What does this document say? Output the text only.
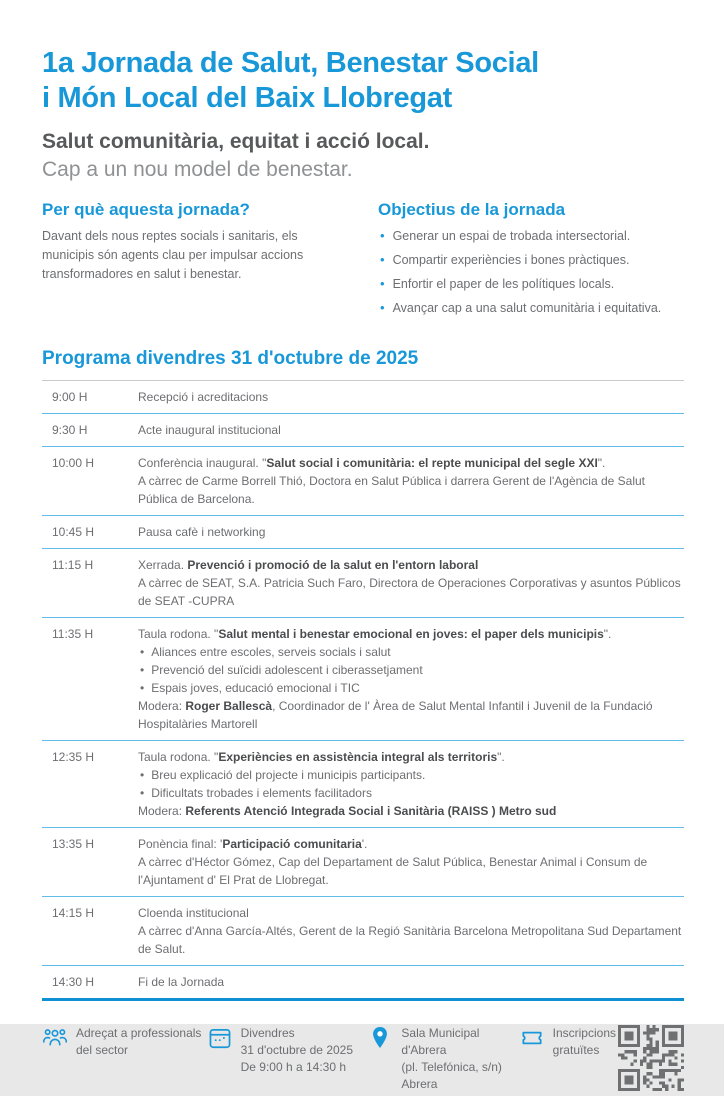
1a Jornada de Salut, Benestar Social
i Món Local del Baix Llobregat
Salut comunitària, equitat i acció local.
Cap a un nou model de benestar.
Per què aquesta jornada?

Davant dels nous reptes socials i sanitaris, els municipis són agents clau per impulsar accions transformadores en salut i benestar.

Objectius de la jornada
• Generar un espai de trobada intersectorial.
• Compartir experiències i bones pràctiques.
• Enfortir el paper de les polítiques locals.
• Avançar cap a una salut comunitària i equitativa.
Programa divendres 31 d'octubre de 2025
9:00 H	Recepció i acreditacions
9:30 H	Acte inaugural institucional
10:00 H	Conferència inaugural. "Salut social i comunitària: el repte municipal del segle XXI".
A càrrec de Carme Borrell Thió, Doctora en Salut Pública i darrera Gerent de l'Agència de Salut Pública de Barcelona.
10:45 H	Pausa cafè i networking
11:15 H	Xerrada. Prevenció i promoció de la salut en l'entorn laboral
A càrrec de SEAT, S.A. Patricia Such Faro, Directora de Operaciones Corporativas y asuntos Públicos de SEAT -CUPRA
11:35 H	Taula rodona. "Salut mental i benestar emocional en joves: el paper dels municipis".
• Aliances entre escoles, serveis socials i salut
• Prevenció del suïcidi adolescent i ciberassetjament
• Espais joves, educació emocional i TIC
Modera: Roger Ballescà, Coordinador de l' Àrea de Salut Mental Infantil i Juvenil de la Fundació Hospitalàries Martorell
12:35 H	Taula rodona. "Experiències en assistència integral als territoris".
• Breu explicació del projecte i municipis participants.
• Dificultats trobades i elements facilitadors
Modera: Referents Atenció Integrada Social i Sanitària (RAISS ) Metro sud
13:35 H	Ponència final: 'Participació comunitaria'.
A càrrec d'Héctor Gómez, Cap del Departament de Salut Pública, Benestar Animal i Consum de l'Ajuntament d' El Prat de Llobregat.
14:15 H	Cloenda institucional
A càrrec d'Anna García-Altés, Gerent de la Regió Sanitària Barcelona Metropolitana Sud Departament de Salut.
14:30 H	Fi de la Jornada
Adreçat a professionals
del sector
Divendres
31 d'octubre de 2025
De 9:00 h a 14:30 h
Sala Municipal d'Abrera
(pl. Telefónica, s/n)
Abrera
Inscripcions
gratuïtes
